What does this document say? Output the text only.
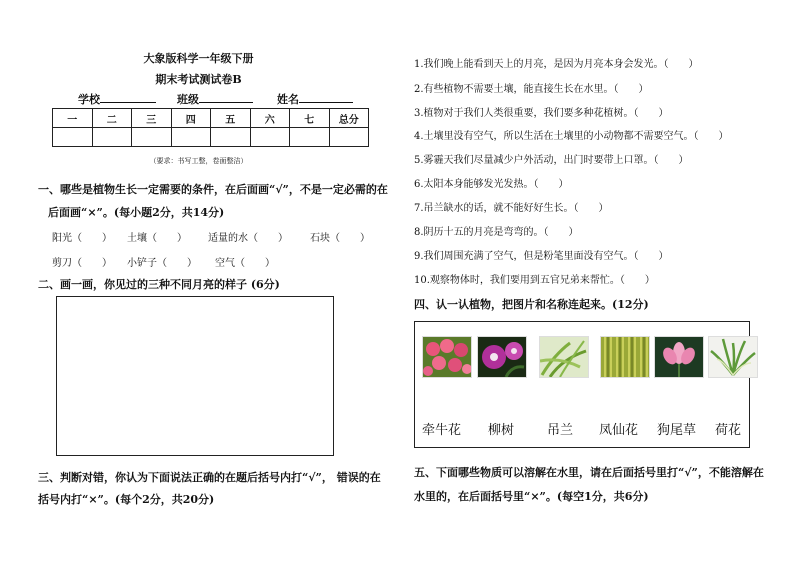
大象版科学一年级下册
期末考试测试卷B
学校	班级	姓名
一	二	三	四	五	六	七	总分

（要求：书写工整，卷面整洁）
一、哪些是植物生长一定需要的条件，在后面画“√”，不是一定必需的在
后面画“×”。(每小题2分，共14分)
阳光（　　） 土壤（　　） 适量的水（　　） 石块（　　）
剪刀（　　） 小铲子（　　） 空气（　　）
二、画一画，你见过的三种不同月亮的样子 (6分)
三、判断对错，你认为下面说法正确的在题后括号内打“√”， 错误的在
括号内打“×”。(每个2分，共20分)
1.我们晚上能看到天上的月亮，是因为月亮本身会发光。（　　）
2.有些植物不需要土壤，能直接生长在水里。（　　）
3.植物对于我们人类很重要，我们要多种花植树。（　　）
4.土壤里没有空气，所以生活在土壤里的小动物都不需要空气。（　　）
5.雾霾天我们尽量减少户外活动，出门时要带上口罩。（　　）
6.太阳本身能够发光发热。（　　）
7.吊兰缺水的话，就不能好好生长。（　　）
8.阴历十五的月亮是弯弯的。（　　）
9.我们周围充满了空气，但是粉笔里面没有空气。（　　）
10.观察物体时，我们要用到五官兄弟来帮忙。（　　）
四、认一认植物，把图片和名称连起来。(12分)
牵牛花 柳树	吊兰 凤仙花 狗尾草 荷花
五、下面哪些物质可以溶解在水里，请在后面括号里打“√”，不能溶解在
水里的，在后面括号里“×”。(每空1分，共6分)
